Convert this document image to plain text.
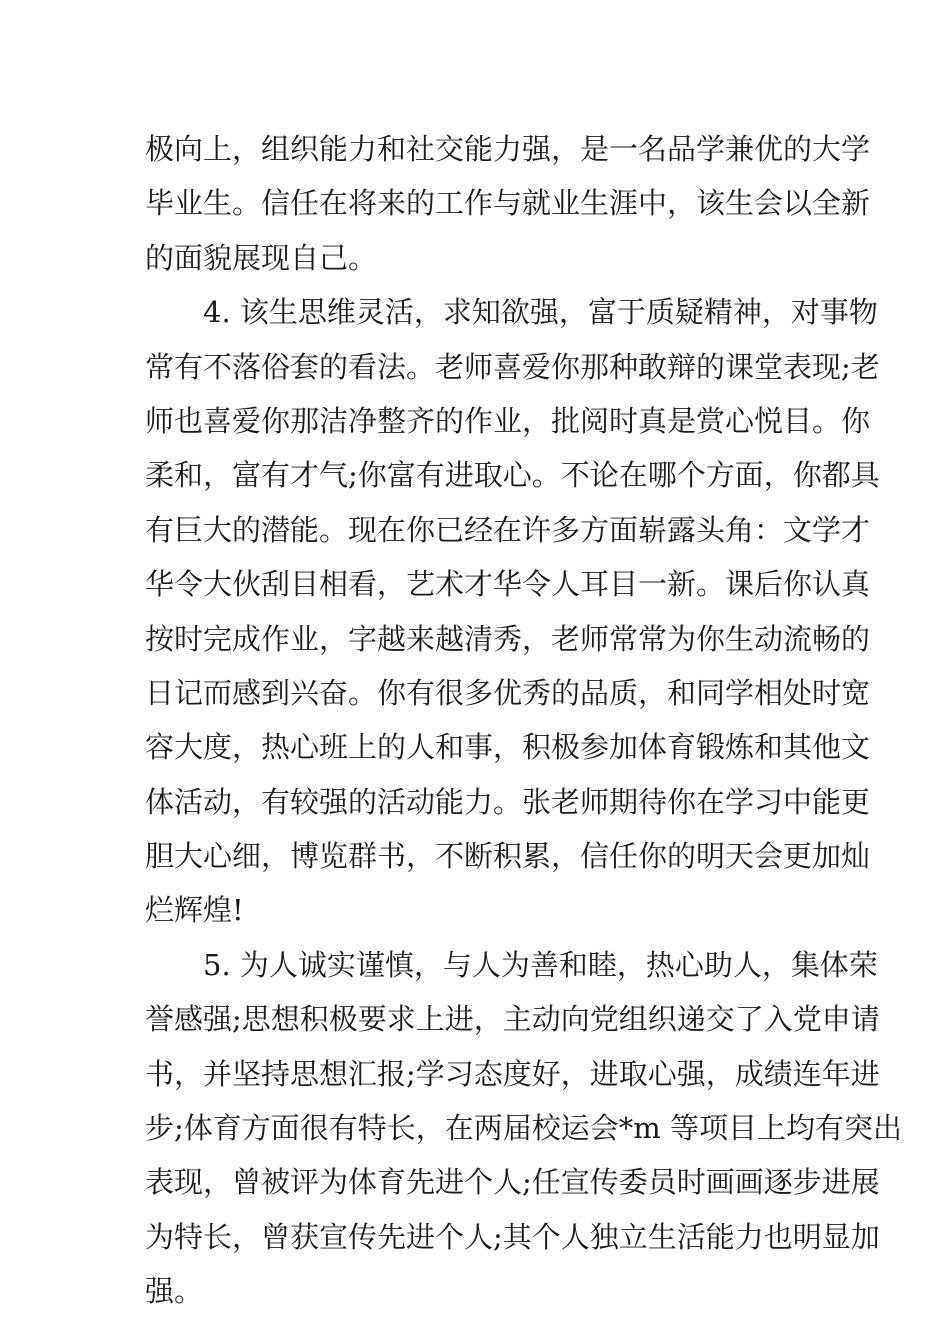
极向上，组织能力和社交能力强，是一名品学兼优的大学
毕业生。信任在将来的工作与就业生涯中，该生会以全新
的面貌展现自己。
4. 该生思维灵活，求知欲强，富于质疑精神，对事物
常有不落俗套的看法。老师喜爱你那种敢辩的课堂表现;老
师也喜爱你那洁净整齐的作业，批阅时真是赏心悦目。你
柔和，富有才气;你富有进取心。不论在哪个方面，你都具
有巨大的潜能。现在你已经在许多方面崭露头角：文学才
华令大伙刮目相看，艺术才华令人耳目一新。课后你认真
按时完成作业，字越来越清秀，老师常常为你生动流畅的
日记而感到兴奋。你有很多优秀的品质，和同学相处时宽
容大度，热心班上的人和事，积极参加体育锻炼和其他文
体活动，有较强的活动能力。张老师期待你在学习中能更
胆大心细，博览群书，不断积累，信任你的明天会更加灿
烂辉煌!
5. 为人诚实谨慎，与人为善和睦，热心助人，集体荣
誉感强;思想积极要求上进，主动向党组织递交了入党申请
书，并坚持思想汇报;学习态度好，进取心强，成绩连年进
步;体育方面很有特长，在两届校运会*m 等项目上均有突出
表现，曾被评为体育先进个人;任宣传委员时画画逐步进展
为特长，曾获宣传先进个人;其个人独立生活能力也明显加
强。
